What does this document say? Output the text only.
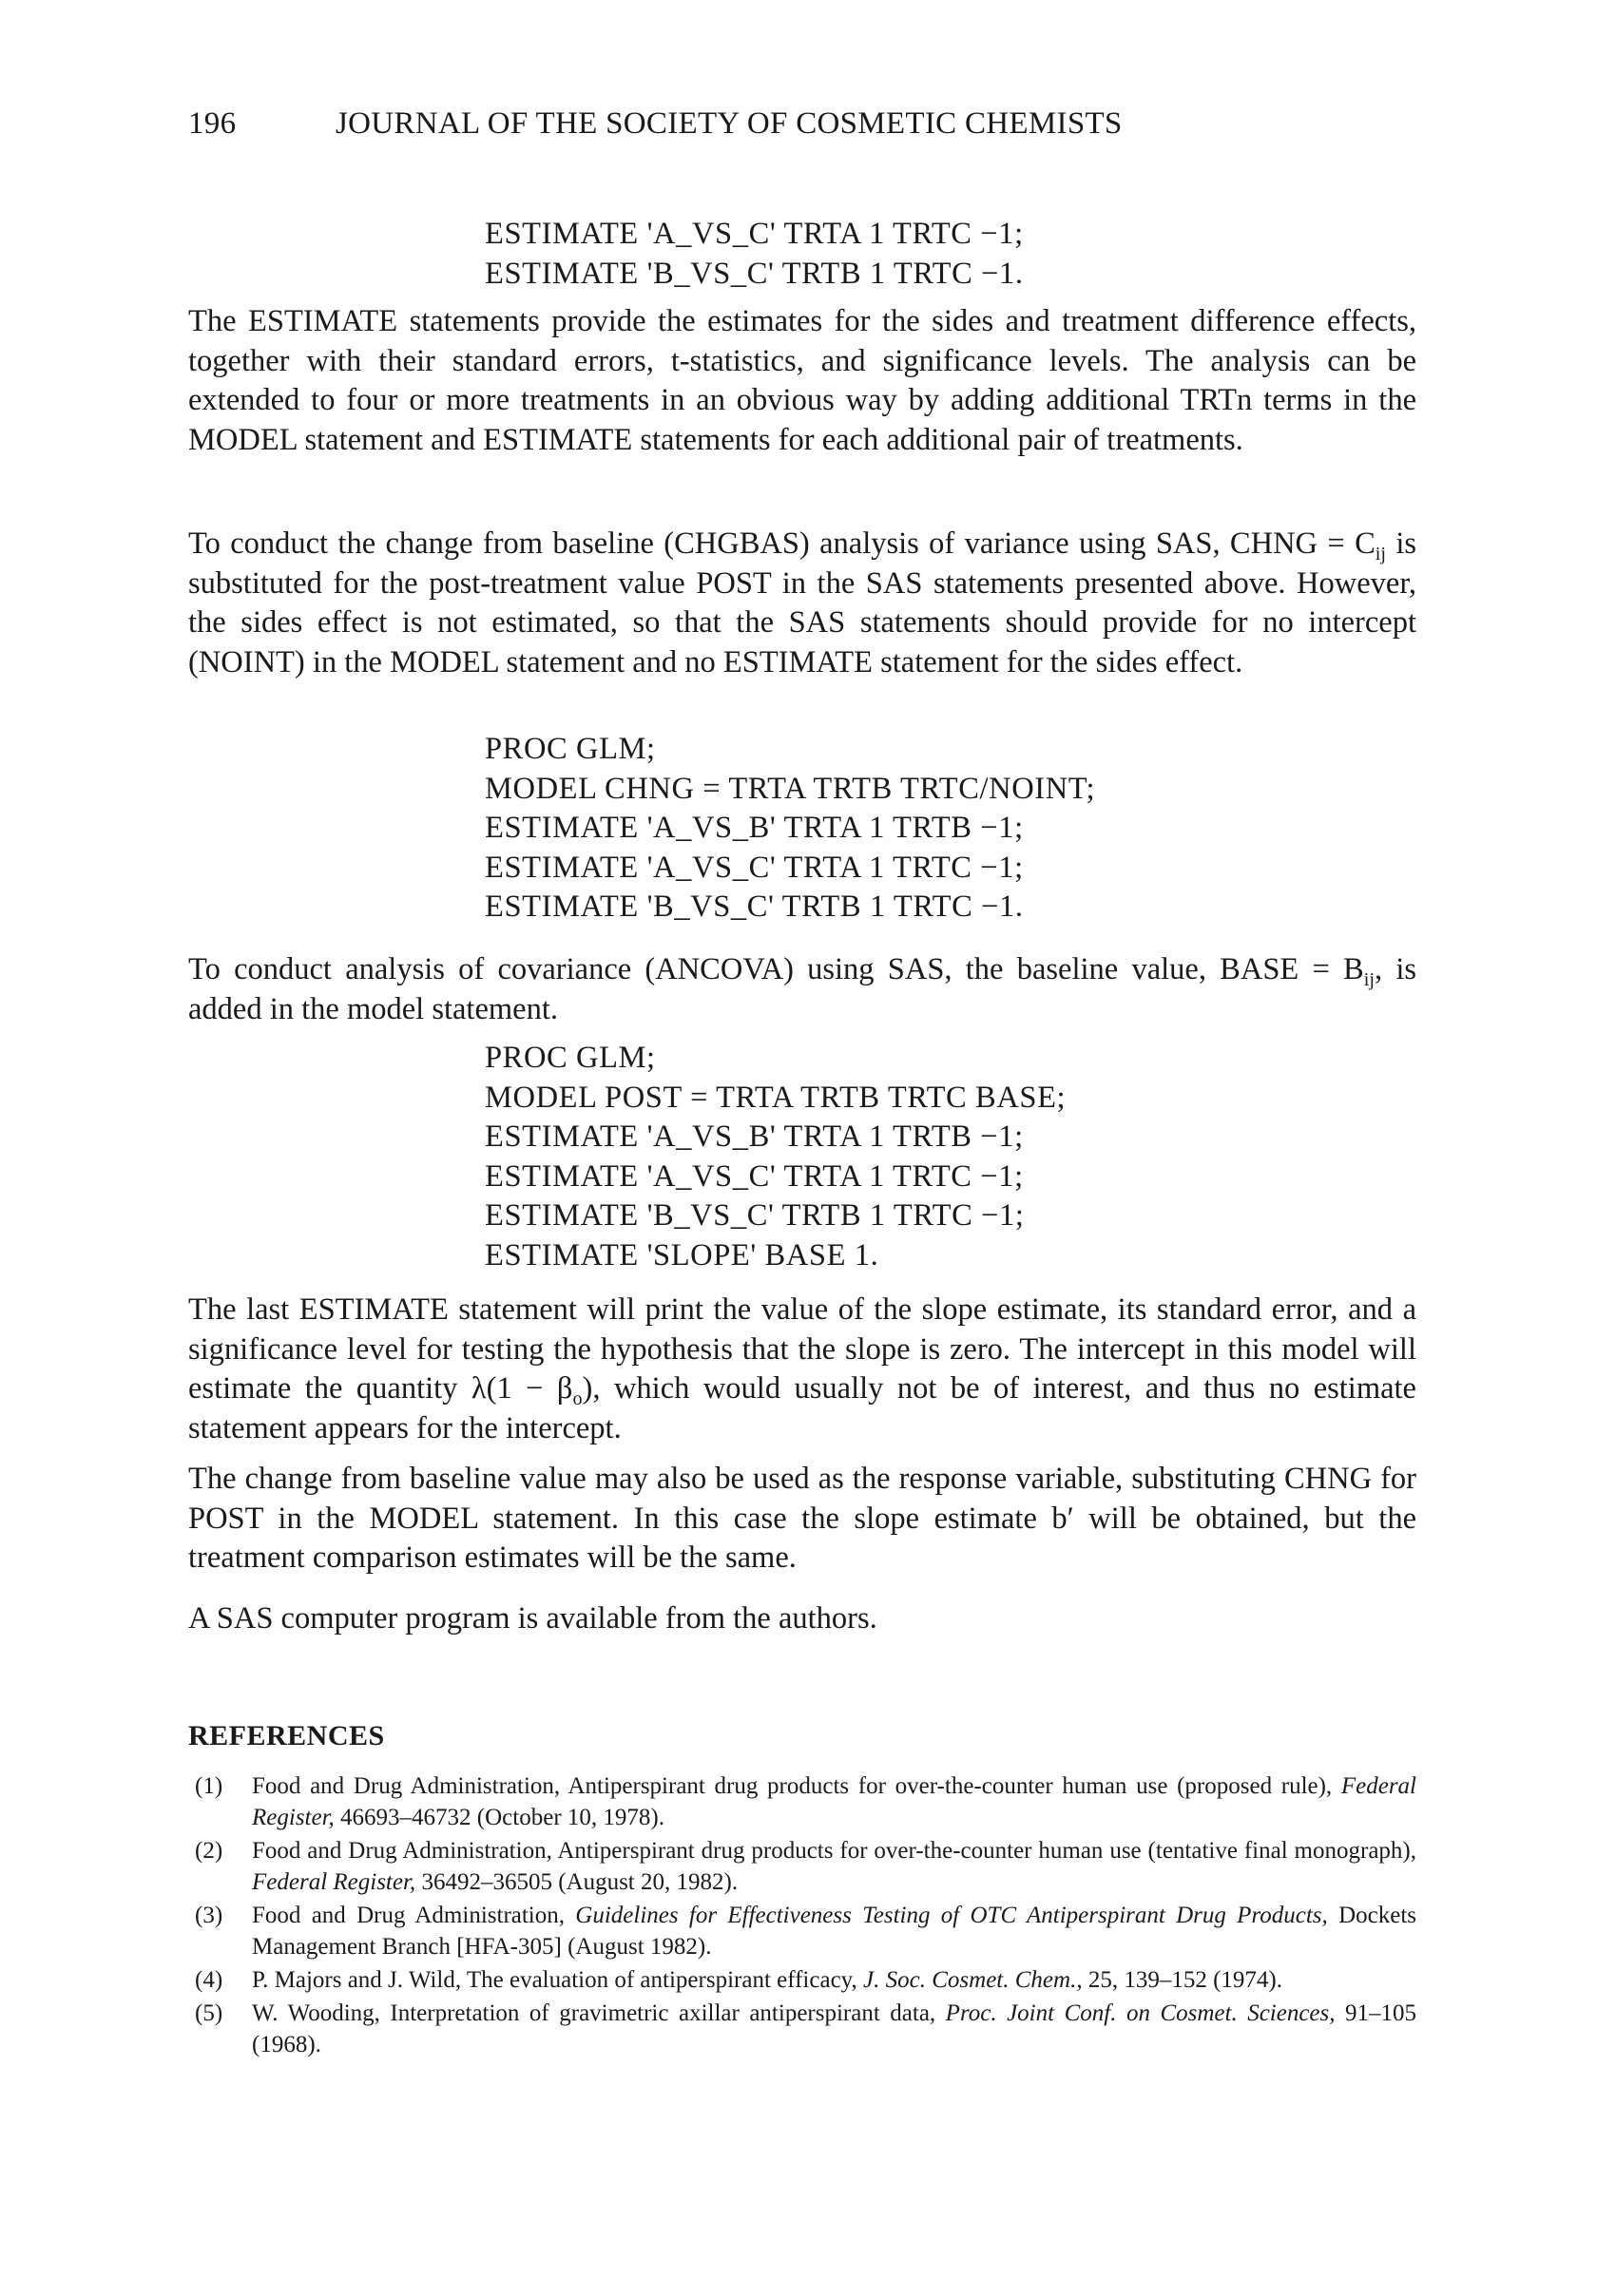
196	JOURNAL OF THE SOCIETY OF COSMETIC CHEMISTS
ESTIMATE 'A_VS_C' TRTA 1 TRTC −1;
ESTIMATE 'B_VS_C' TRTB 1 TRTC −1.

The ESTIMATE statements provide the estimates for the sides and treatment difference effects, together with their standard errors, t-statistics, and significance levels. The analysis can be extended to four or more treatments in an obvious way by adding additional TRTn terms in the MODEL statement and ESTIMATE statements for each additional pair of treatments.

To conduct the change from baseline (CHGBAS) analysis of variance using SAS, CHNG = $C_{ij}$ is substituted for the post-treatment value POST in the SAS statements presented above. However, the sides effect is not estimated, so that the SAS statements should provide for no intercept (NOINT) in the MODEL statement and no ESTIMATE statement for the sides effect.

PROC GLM;
MODEL CHNG = TRTA TRTB TRTC/NOINT;
ESTIMATE 'A_VS_B' TRTA 1 TRTB −1;
ESTIMATE 'A_VS_C' TRTA 1 TRTC −1;
ESTIMATE 'B_VS_C' TRTB 1 TRTC −1.

To conduct analysis of covariance (ANCOVA) using SAS, the baseline value, BASE = $B_{ij}$, is added in the model statement.

PROC GLM;
MODEL POST = TRTA TRTB TRTC BASE;
ESTIMATE 'A_VS_B' TRTA 1 TRTB −1;
ESTIMATE 'A_VS_C' TRTA 1 TRTC −1;
ESTIMATE 'B_VS_C' TRTB 1 TRTC −1;
ESTIMATE 'SLOPE' BASE 1.

The last ESTIMATE statement will print the value of the slope estimate, its standard error, and a significance level for testing the hypothesis that the slope is zero. The intercept in this model will estimate the quantity $\lambda(1 - \beta_o)$, which would usually not be of interest, and thus no estimate statement appears for the intercept.

The change from baseline value may also be used as the response variable, substituting CHNG for POST in the MODEL statement. In this case the slope estimate b′ will be obtained, but the treatment comparison estimates will be the same.

A SAS computer program is available from the authors.

REFERENCES
(1)	Food and Drug Administration, Antiperspirant drug products for over-the-counter human use (proposed rule), Federal Register, 46693–46732 (October 10, 1978).
(2)	Food and Drug Administration, Antiperspirant drug products for over-the-counter human use (tentative final monograph), Federal Register, 36492–36505 (August 20, 1982).
(3)	Food and Drug Administration, Guidelines for Effectiveness Testing of OTC Antiperspirant Drug Products, Dockets Management Branch [HFA-305] (August 1982).
(4)	P. Majors and J. Wild, The evaluation of antiperspirant efficacy, J. Soc. Cosmet. Chem., 25, 139–152 (1974).
(5)	W. Wooding, Interpretation of gravimetric axillar antiperspirant data, Proc. Joint Conf. on Cosmet. Sciences, 91–105 (1968).
